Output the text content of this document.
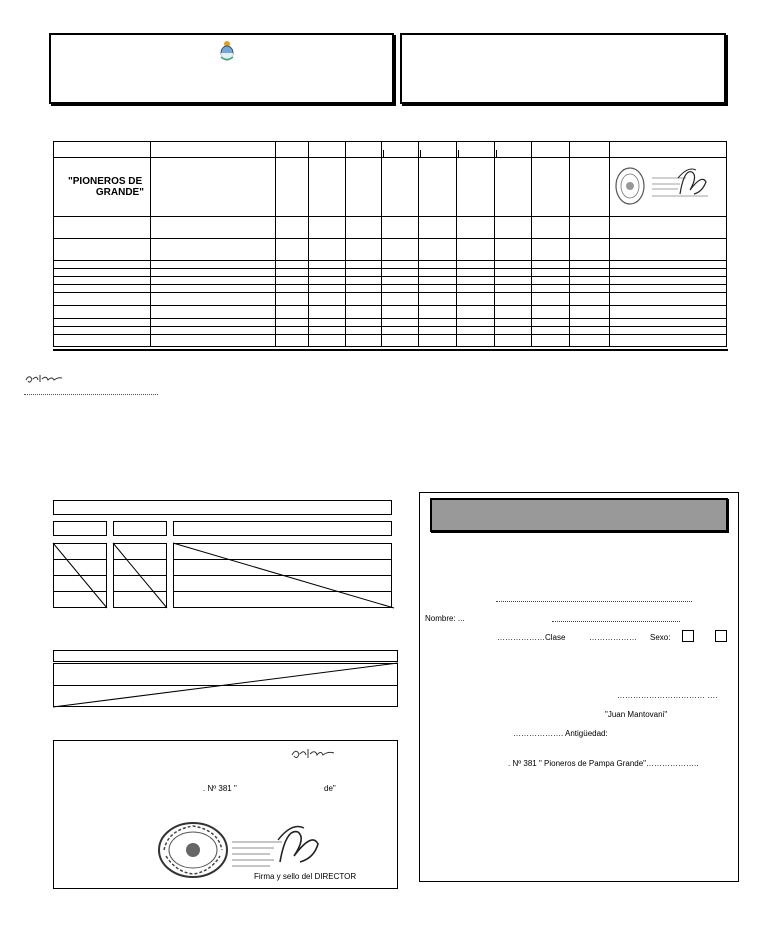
"PIONEROS DE
GRANDE"

. Nº 381 "	de"
Firma y sello del DIRECTOR
Nombre: ...
………………Clase	……………… Sexo:
…………………………… ….
"Juan Mantovani"
………………. Antigüedad:
. Nº 381 " Pioneros de Pampa Grande"………………..
